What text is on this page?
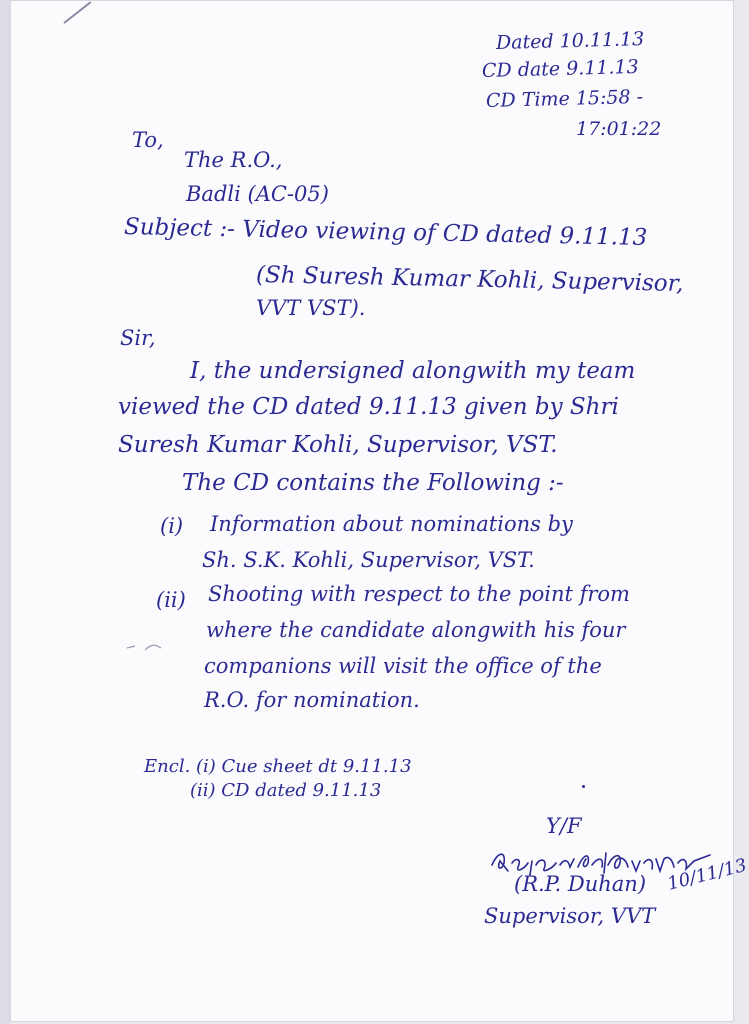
Dated 10.11.13

CD date 9.11.13

CD Time 15:58 -

17:01:22

To,

The R.O.,

Badli (AC-05)

Subject :- Video viewing of CD dated 9.11.13

(Sh Suresh Kumar Kohli, Supervisor,

VVT VST).

Sir,

I, the undersigned alongwith my team

viewed the CD dated 9.11.13 given by Shri

Suresh Kumar Kohli, Supervisor, VST.

The CD contains the Following :-

(i) Information about nominations by

Sh. S.K. Kohli, Supervisor, VST.

(ii) Shooting with respect to the point from

where the candidate alongwith his four

companions will visit the office of the

R.O. for nomination.

Encl. (i) Cue sheet dt 9.11.13

(ii) CD dated 9.11.13

Y/F

(R.P. Duhan) 10/11/13

Supervisor, VVT
